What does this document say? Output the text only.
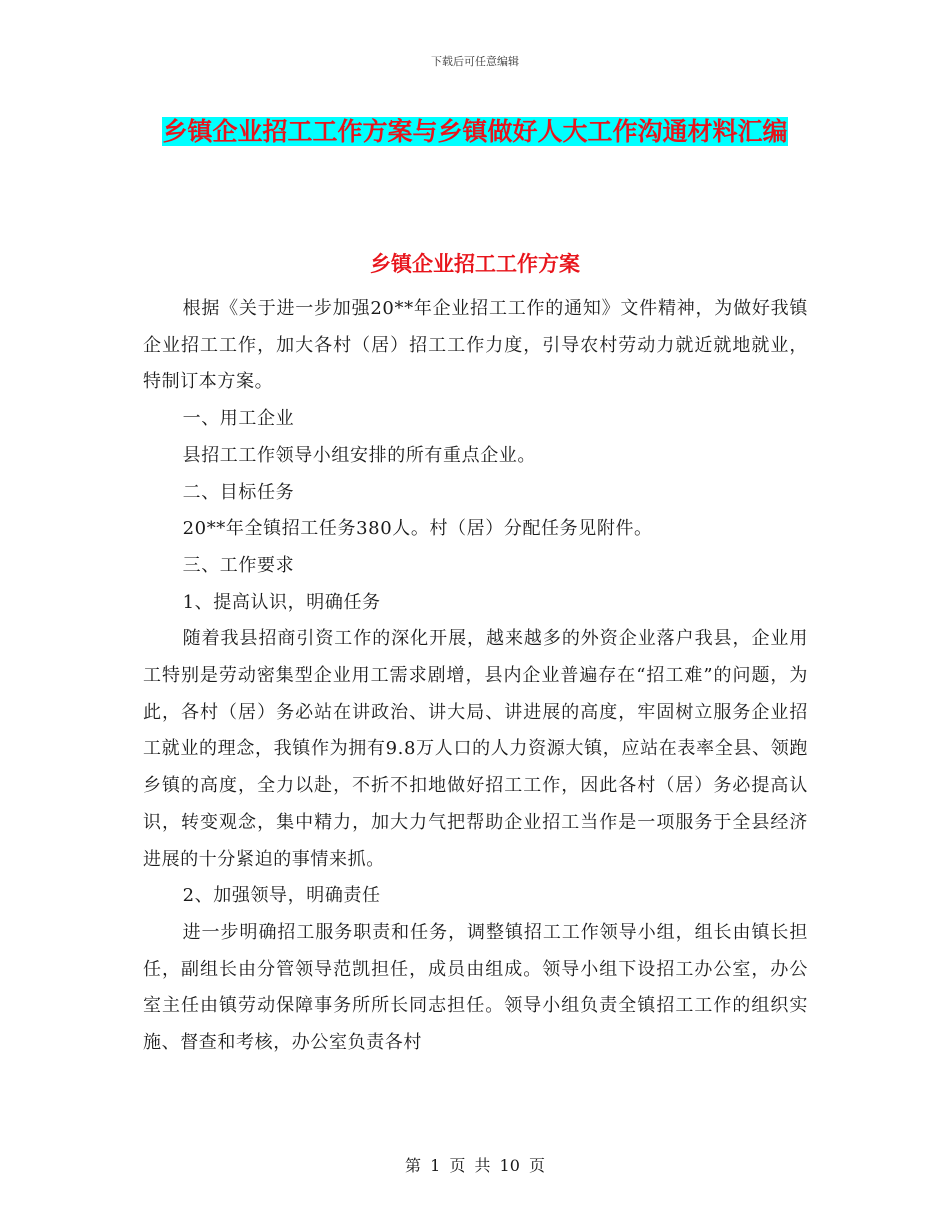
下载后可任意编辑
乡镇企业招工工作方案与乡镇做好人大工作沟通材料汇编
乡镇企业招工工作方案

根据《关于进一步加强20**年企业招工工作的通知》文件精神，为做好我镇企业招工工作，加大各村（居）招工工作力度，引导农村劳动力就近就地就业，特制订本方案。

一、用工企业

县招工工作领导小组安排的所有重点企业。

二、目标任务

20**年全镇招工任务380人。村（居）分配任务见附件。

三、工作要求

1、提高认识，明确任务

随着我县招商引资工作的深化开展，越来越多的外资企业落户我县，企业用工特别是劳动密集型企业用工需求剧增，县内企业普遍存在“招工难”的问题，为此，各村（居）务必站在讲政治、讲大局、讲进展的高度，牢固树立服务企业招工就业的理念，我镇作为拥有9.8万人口的人力资源大镇，应站在表率全县、领跑乡镇的高度，全力以赴，不折不扣地做好招工工作，因此各村（居）务必提高认识，转变观念，集中精力，加大力气把帮助企业招工当作是一项服务于全县经济进展的十分紧迫的事情来抓。

2、加强领导，明确责任

进一步明确招工服务职责和任务，调整镇招工工作领导小组，组长由镇长担任，副组长由分管领导范凯担任，成员由组成。领导小组下设招工办公室，办公室主任由镇劳动保障事务所所长同志担任。领导小组负责全镇招工工作的组织实施、督查和考核，办公室负责各村

第 1 页 共 10 页
